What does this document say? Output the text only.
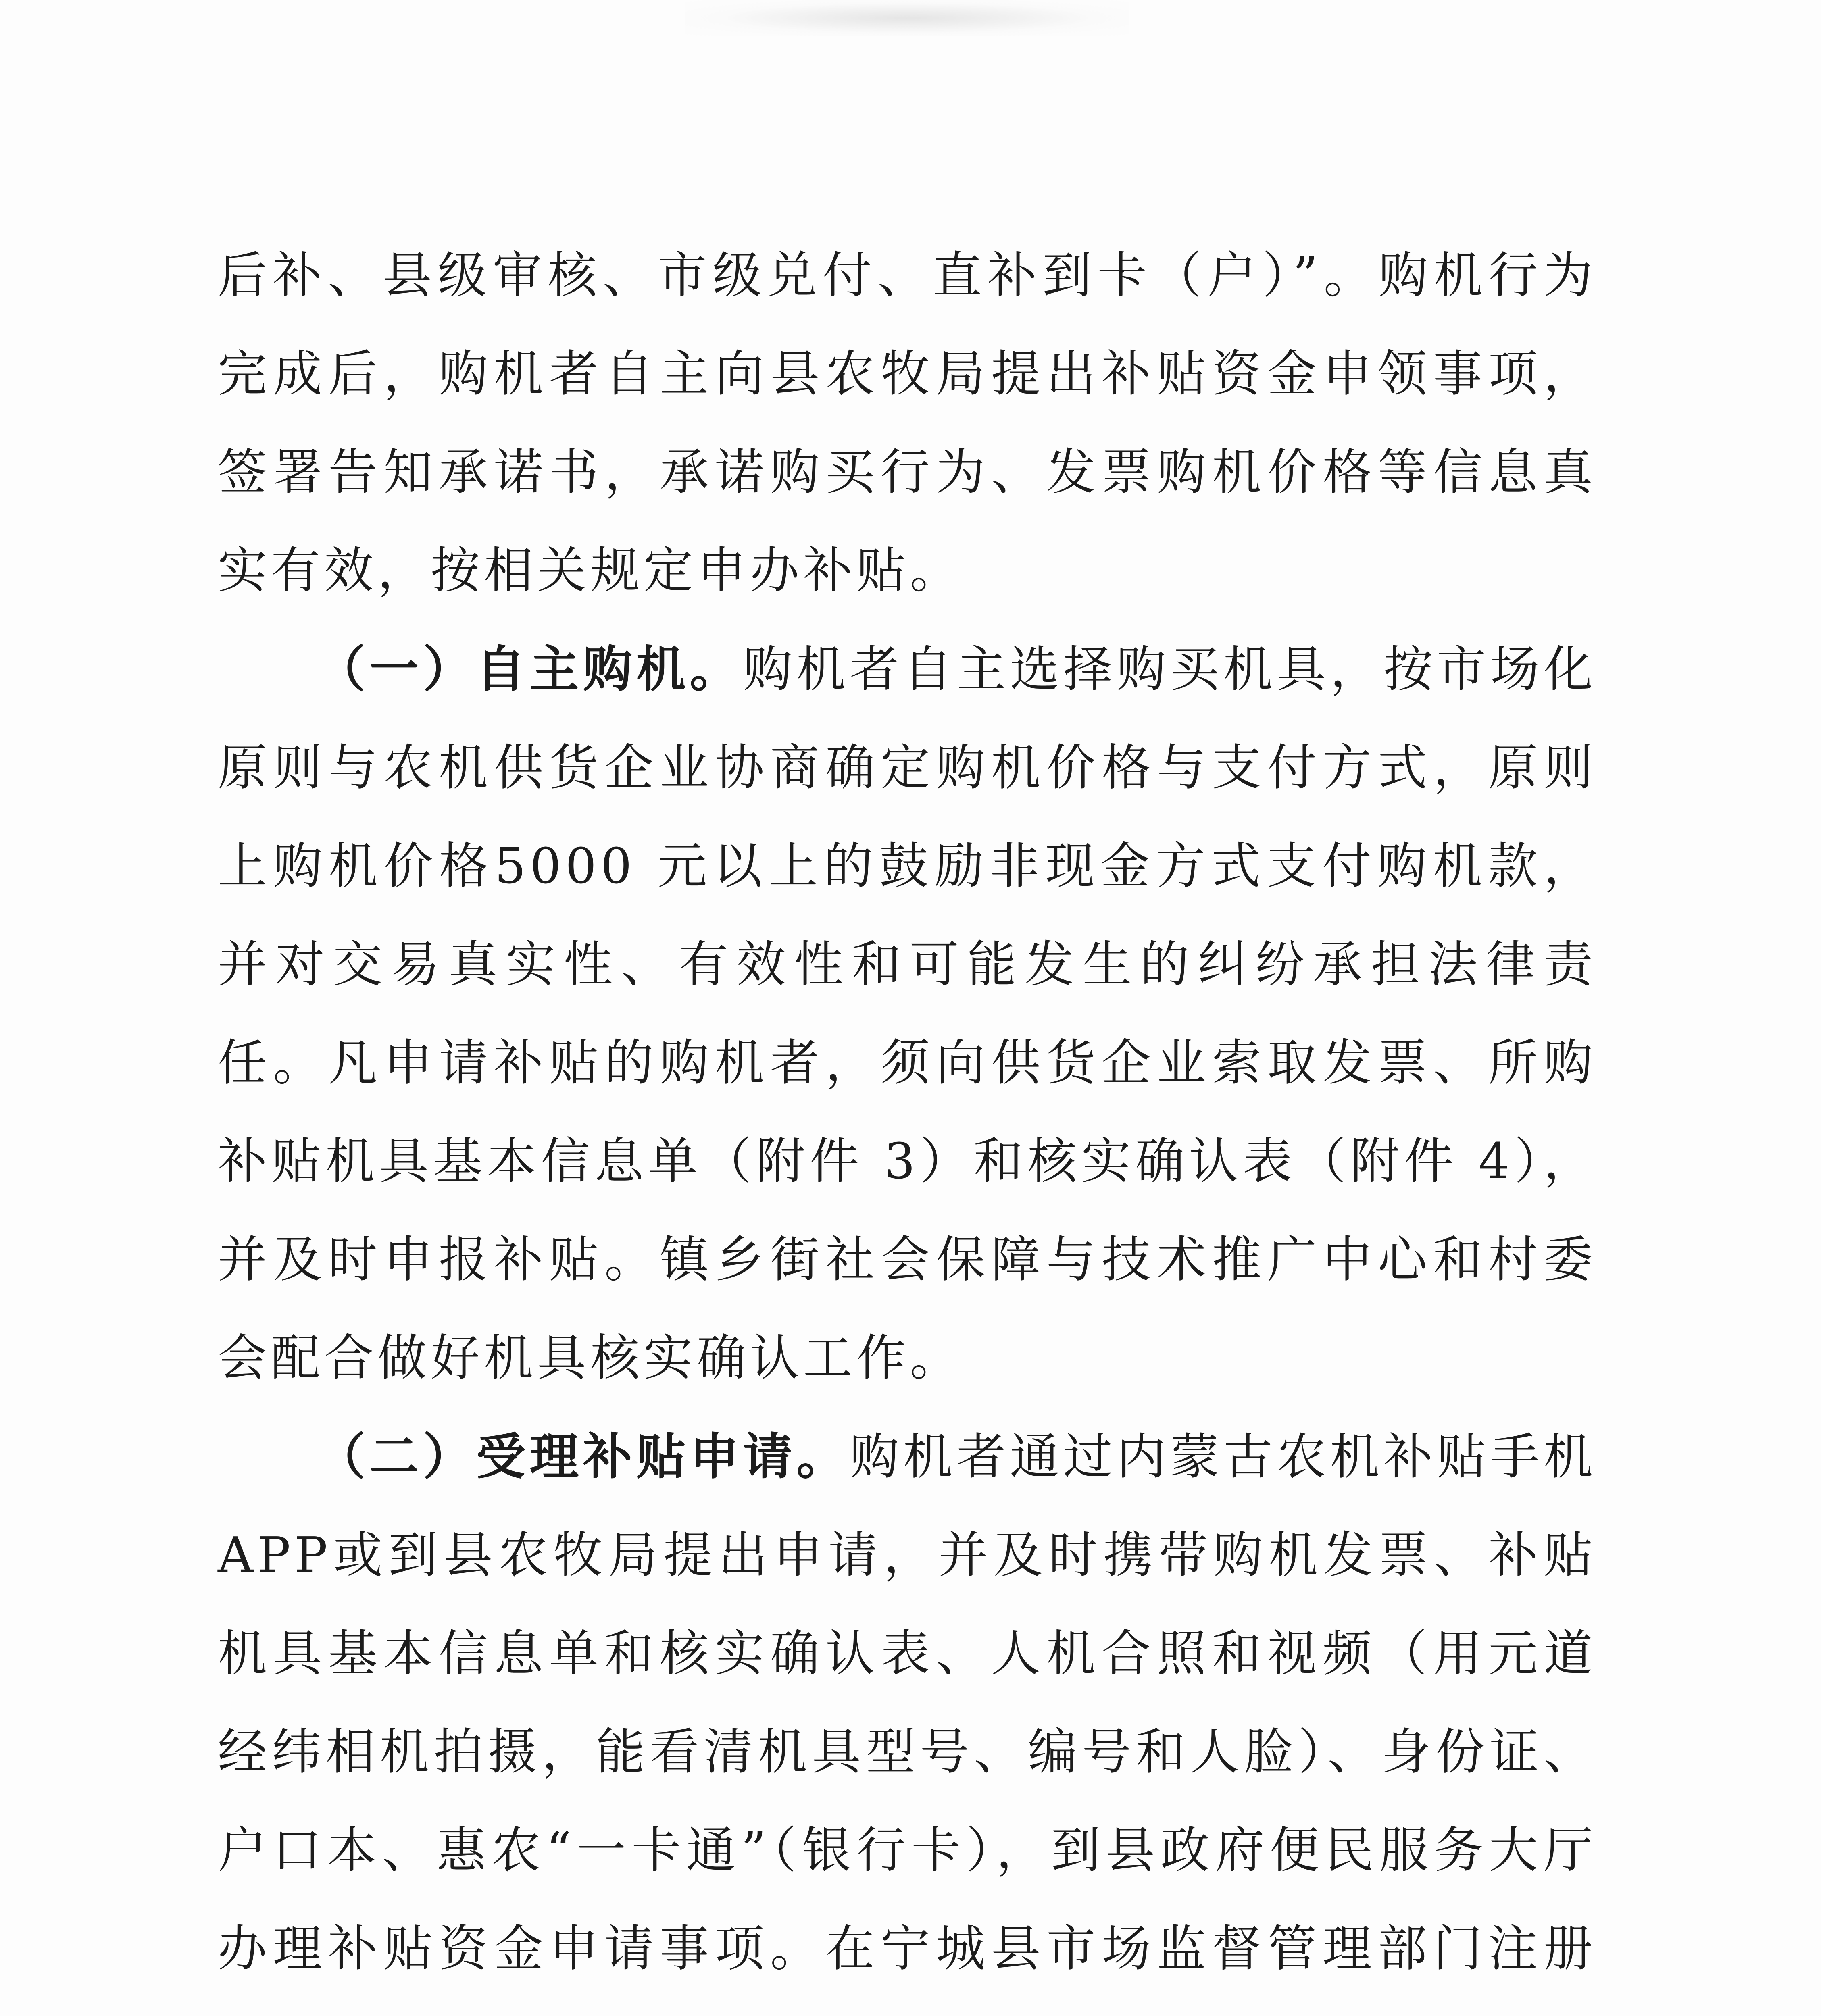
后补、县级审核、市级兑付、直补到卡（户）”。购机行为完成后，购机者自主向县农牧局提出补贴资金申领事项，签署告知承诺书，承诺购买行为、发票购机价格等信息真实有效，按相关规定申办补贴。

（一）自主购机。购机者自主选择购买机具，按市场化原则与农机供货企业协商确定购机价格与支付方式，原则上购机价格5000 元以上的鼓励非现金方式支付购机款，并对交易真实性、有效性和可能发生的纠纷承担法律责任。凡申请补贴的购机者，须向供货企业索取发票、所购补贴机具基本信息单（附件 3）和核实确认表（附件 4），并及时申报补贴。镇乡街社会保障与技术推广中心和村委会配合做好机具核实确认工作。

（二）受理补贴申请。购机者通过内蒙古农机补贴手机 APP或到县农牧局提出申请，并及时携带购机发票、补贴机具基本信息单和核实确认表、人机合照和视频（用元道经纬相机拍摄，能看清机具型号、编号和人脸）、身份证、户口本、惠农“一卡通”（银行卡），到县政府便民服务大厅办理补贴资金申请事项。在宁城县市场监督管理部门注册
